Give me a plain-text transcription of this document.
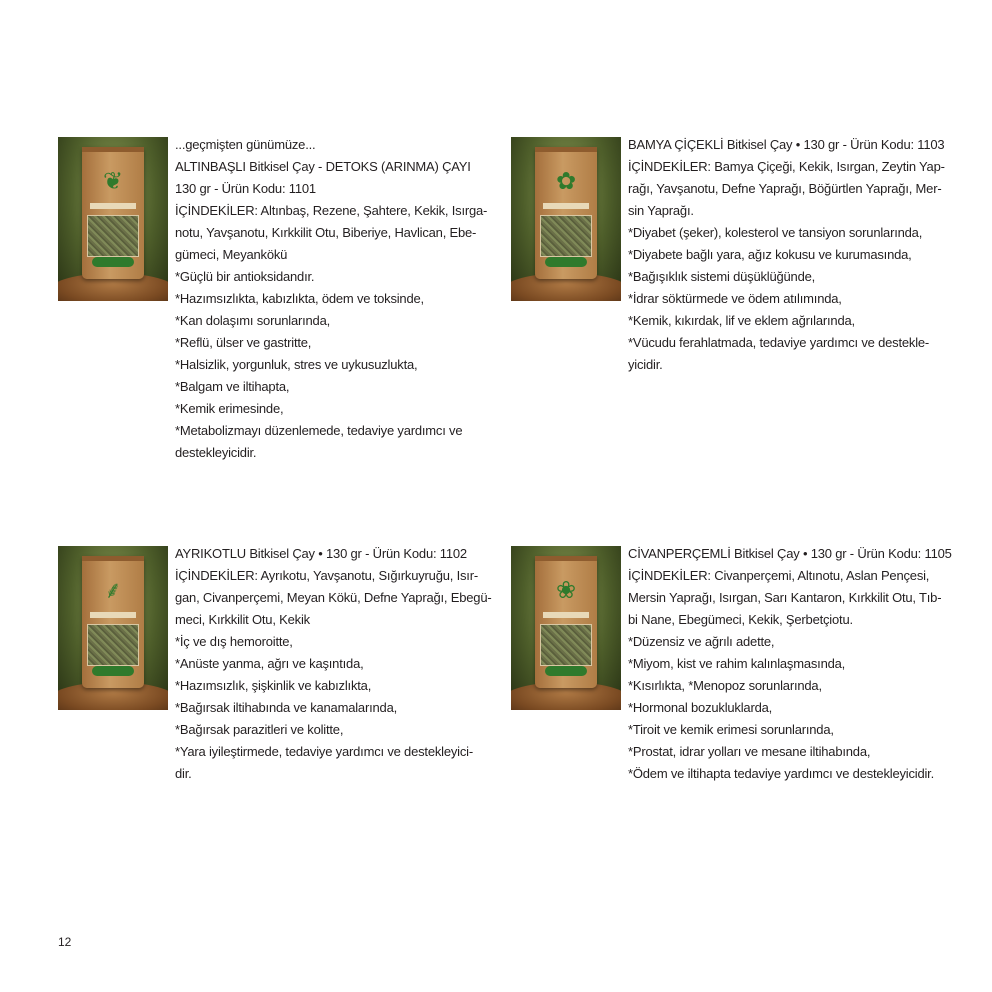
❦
...geçmişten günümüze...
ALTINBAŞLI Bitkisel Çay - DETOKS (ARINMA) ÇAYI
130 gr - Ürün Kodu: 1101
İÇİNDEKİLER: Altınbaş, Rezene, Şahtere, Kekik, Isırga-
notu, Yavşanotu, Kırkkilit Otu, Biberiye, Havlican, Ebe-
gümeci, Meyankökü
*Güçlü bir antioksidandır.
*Hazımsızlıkta, kabızlıkta, ödem ve toksinde,
*Kan dolaşımı sorunlarında,
*Reflü, ülser ve gastritte,
*Halsizlik, yorgunluk, stres ve uykusuzlukta,
*Balgam ve iltihapta,
*Kemik erimesinde,
*Metabolizmayı düzenlemede, tedaviye yardımcı ve
destekleyicidir.
✿
BAMYA ÇİÇEKLİ Bitkisel Çay • 130 gr - Ürün Kodu: 1103
İÇİNDEKİLER: Bamya Çiçeği, Kekik, Isırgan, Zeytin Yap-
rağı, Yavşanotu, Defne Yaprağı, Böğürtlen Yaprağı, Mer-
sin Yaprağı.
*Diyabet (şeker), kolesterol ve tansiyon sorunlarında,
*Diyabete bağlı yara, ağız kokusu ve kurumasında,
*Bağışıklık sistemi düşüklüğünde,
*İdrar söktürmede ve ödem atılımında,
*Kemik, kıkırdak, lif ve eklem ağrılarında,
*Vücudu ferahlatmada, tedaviye yardımcı ve destekle-
yicidir.
⸙
AYRIKOTLU Bitkisel Çay • 130 gr - Ürün Kodu: 1102
İÇİNDEKİLER: Ayrıkotu, Yavşanotu, Sığırkuyruğu, Isır-
gan, Civanperçemi, Meyan Kökü, Defne Yaprağı, Ebegü-
meci, Kırkkilit Otu, Kekik
*İç ve dış hemoroitte,
*Anüste yanma, ağrı ve kaşıntıda,
*Hazımsızlık, şişkinlik ve kabızlıkta,
*Bağırsak iltihabında ve kanamalarında,
*Bağırsak parazitleri ve kolitte,
*Yara iyileştirmede, tedaviye yardımcı ve destekleyici-
dir.
❀
CİVANPERÇEMLİ Bitkisel Çay • 130 gr - Ürün Kodu: 1105
İÇİNDEKİLER: Civanperçemi, Altınotu, Aslan Pençesi,
Mersin Yaprağı, Isırgan, Sarı Kantaron, Kırkkilit Otu, Tıb-
bi Nane, Ebegümeci, Kekik, Şerbetçiotu.
*Düzensiz ve ağrılı adette,
*Miyom, kist ve rahim kalınlaşmasında,
*Kısırlıkta, *Menopoz sorunlarında,
*Hormonal bozukluklarda,
*Tiroit ve kemik erimesi sorunlarında,
*Prostat, idrar yolları ve mesane iltihabında,
*Ödem ve iltihapta tedaviye yardımcı ve destekleyicidir.
12
